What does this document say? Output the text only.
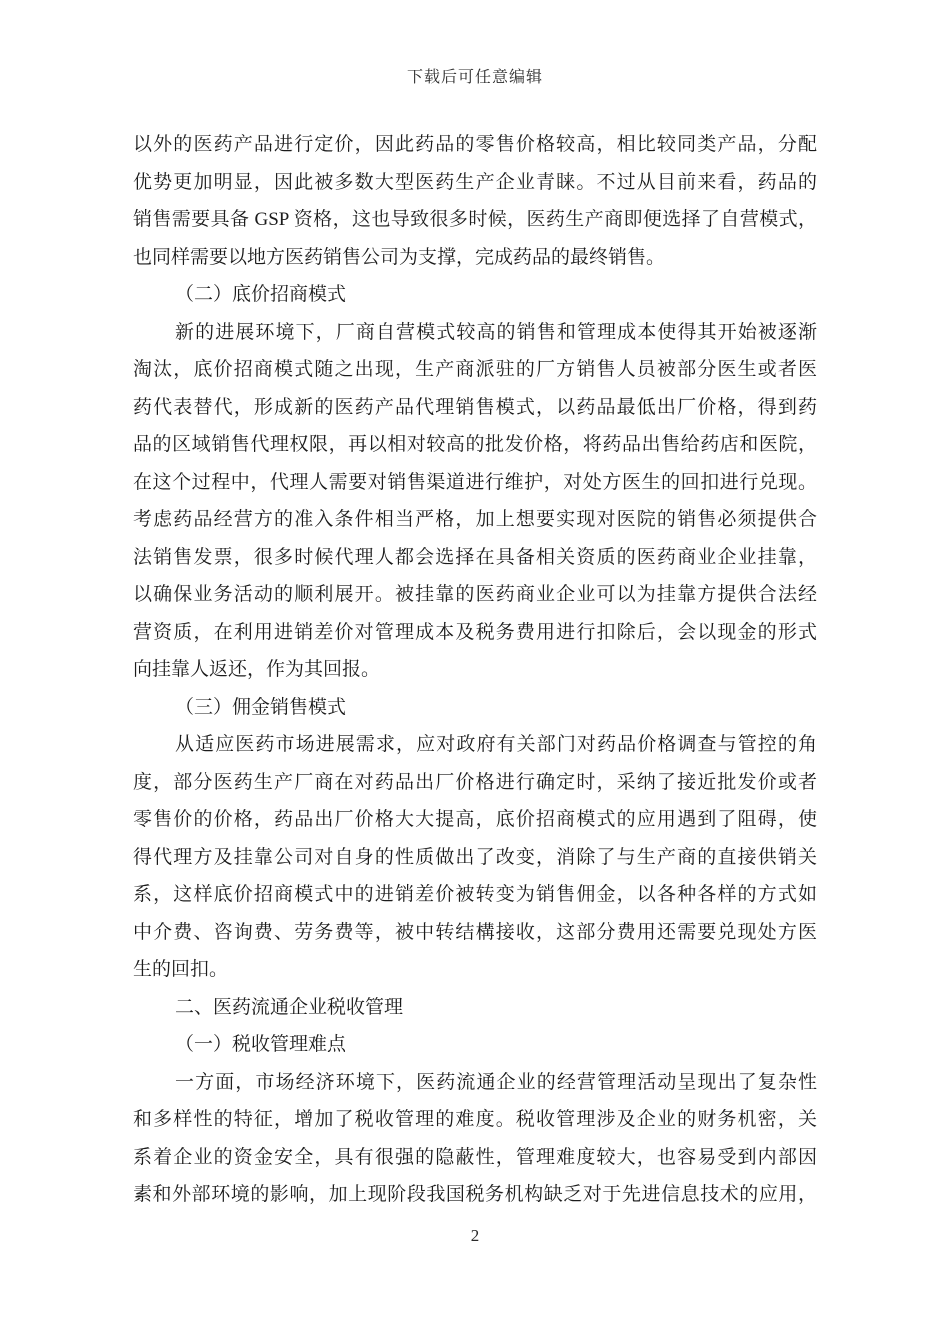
下载后可任意编辑
以外的医药产品进行定价，因此药品的零售价格较高，相比较同类产品，分配
优势更加明显，因此被多数大型医药生产企业青睐。不过从目前来看，药品的
销售需要具备 GSP 资格，这也导致很多时候，医药生产商即便选择了自营模式，
也同样需要以地方医药销售公司为支撑，完成药品的最终销售。
（二）底价招商模式
新的进展环境下，厂商自营模式较高的销售和管理成本使得其开始被逐渐
淘汰，底价招商模式随之出现，生产商派驻的厂方销售人员被部分医生或者医
药代表替代，形成新的医药产品代理销售模式，以药品最低出厂价格，得到药
品的区域销售代理权限，再以相对较高的批发价格，将药品出售给药店和医院，
在这个过程中，代理人需要对销售渠道进行维护，对处方医生的回扣进行兑现。
考虑药品经营方的准入条件相当严格，加上想要实现对医院的销售必须提供合
法销售发票，很多时候代理人都会选择在具备相关资质的医药商业企业挂靠，
以确保业务活动的顺利展开。被挂靠的医药商业企业可以为挂靠方提供合法经
营资质，在利用进销差价对管理成本及税务费用进行扣除后，会以现金的形式
向挂靠人返还，作为其回报。
（三）佣金销售模式
从适应医药市场进展需求，应对政府有关部门对药品价格调查与管控的角
度，部分医药生产厂商在对药品出厂价格进行确定时，采纳了接近批发价或者
零售价的价格，药品出厂价格大大提高，底价招商模式的应用遇到了阻碍，使
得代理方及挂靠公司对自身的性质做出了改变，消除了与生产商的直接供销关
系，这样底价招商模式中的进销差价被转变为销售佣金，以各种各样的方式如
中介费、咨询费、劳务费等，被中转结構接收，这部分费用还需要兑现处方医
生的回扣。
二、医药流通企业税收管理
（一）税收管理难点
一方面，市场经济环境下，医药流通企业的经营管理活动呈现出了复杂性
和多样性的特征，增加了税收管理的难度。税收管理涉及企业的财务机密，关
系着企业的资金安全，具有很强的隐蔽性，管理难度较大，也容易受到内部因
素和外部环境的影响，加上现阶段我国税务机构缺乏对于先进信息技术的应用，
2
